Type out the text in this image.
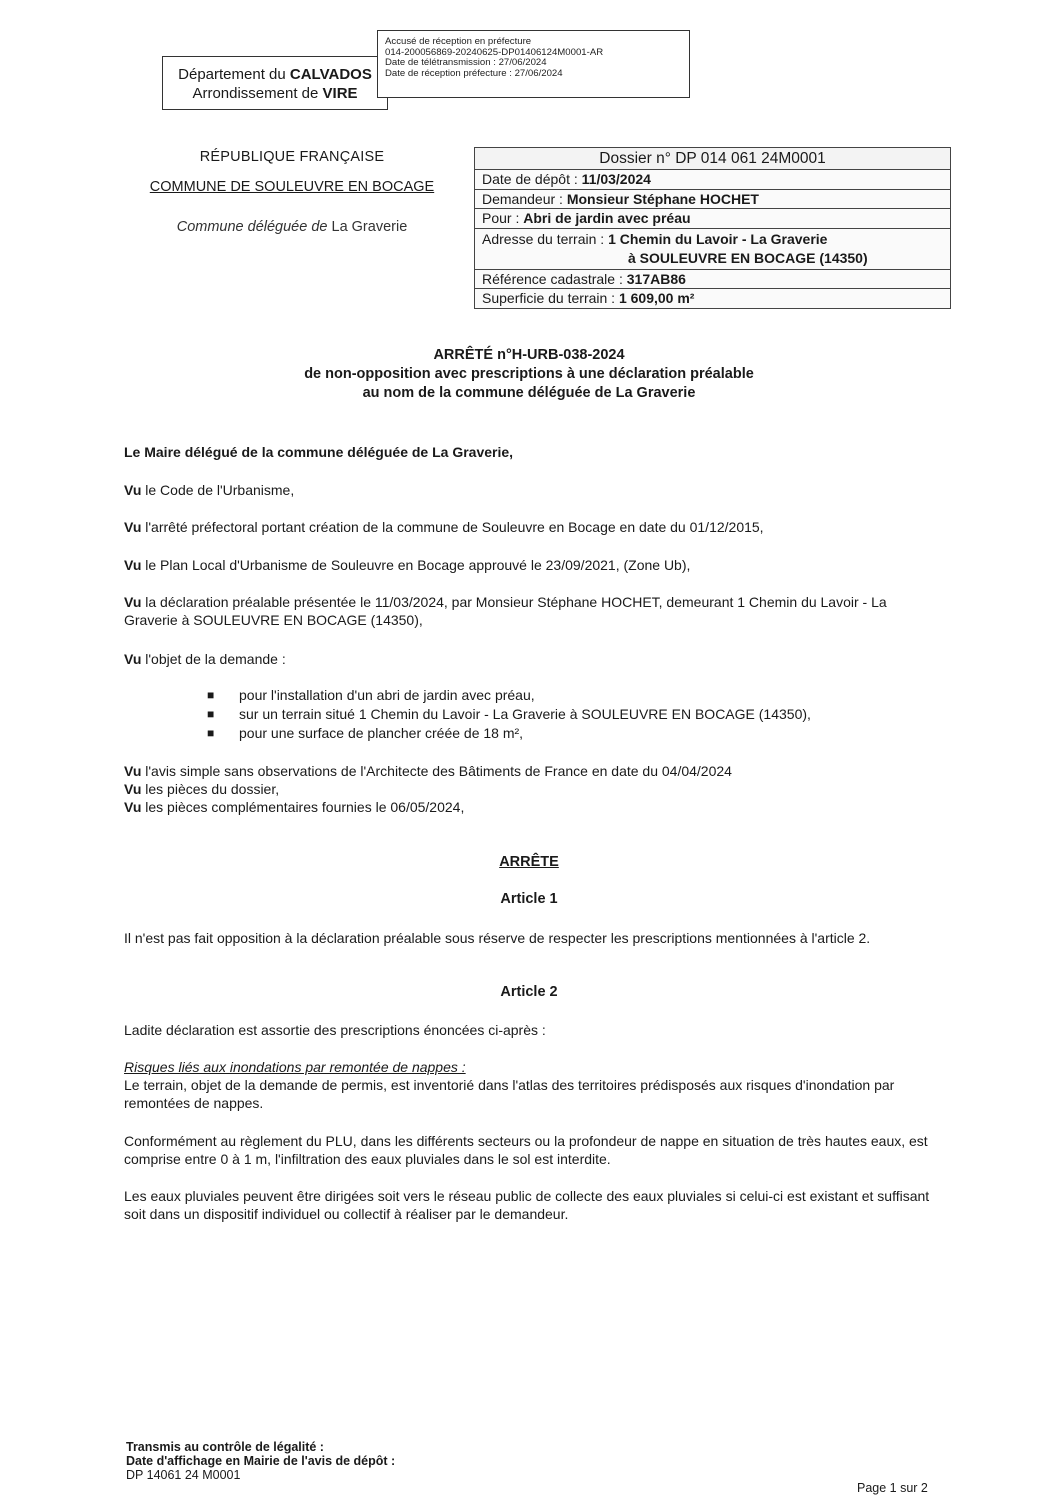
Département du CALVADOS
Arrondissement de VIRE
Accusé de réception en préfecture
014-200056869-20240625-DP01406124M0001-AR
Date de télétransmission : 27/06/2024
Date de réception préfecture : 27/06/2024
RÉPUBLIQUE FRANÇAISE
COMMUNE DE SOULEUVRE EN BOCAGE
Commune déléguée de La Graverie
Dossier n° DP 014 061 24M0001
Date de dépôt : 11/03/2024
Demandeur : Monsieur Stéphane HOCHET
Pour : Abri de jardin avec préau
Adresse du terrain : 1 Chemin du Lavoir - La Graverie
à SOULEUVRE EN BOCAGE (14350)
Référence cadastrale : 317AB86
Superficie du terrain : 1 609,00 m²
ARRÊTÉ n°H-URB-038-2024
de non-opposition avec prescriptions à une déclaration préalable
au nom de la commune déléguée de La Graverie
Le Maire délégué de la commune déléguée de La Graverie,
Vu le Code de l'Urbanisme,
Vu l'arrêté préfectoral portant création de la commune de Souleuvre en Bocage en date du 01/12/2015,
Vu le Plan Local d'Urbanisme de Souleuvre en Bocage approuvé le 23/09/2021, (Zone Ub),
Vu la déclaration préalable présentée le 11/03/2024, par Monsieur Stéphane HOCHET, demeurant 1 Chemin du Lavoir - La Graverie à SOULEUVRE EN BOCAGE (14350),
Vu l'objet de la demande :
■ pour l'installation d'un abri de jardin avec préau,
■ sur un terrain situé 1 Chemin du Lavoir - La Graverie à SOULEUVRE EN BOCAGE (14350),
■ pour une surface de plancher créée de 18 m²,
Vu l'avis simple sans observations de l'Architecte des Bâtiments de France en date du 04/04/2024
Vu les pièces du dossier,
Vu les pièces complémentaires fournies le 06/05/2024,
ARRÊTE
Article 1
Il n'est pas fait opposition à la déclaration préalable sous réserve de respecter les prescriptions mentionnées à l'article 2.
Article 2
Ladite déclaration est assortie des prescriptions énoncées ci-après :
Risques liés aux inondations par remontée de nappes :
Le terrain, objet de la demande de permis, est inventorié dans l'atlas des territoires prédisposés aux risques d'inondation par remontées de nappes.
Conformément au règlement du PLU, dans les différents secteurs ou la profondeur de nappe en situation de très hautes eaux, est comprise entre 0 à 1 m, l'infiltration des eaux pluviales dans le sol est interdite.
Les eaux pluviales peuvent être dirigées soit vers le réseau public de collecte des eaux pluviales si celui-ci est existant et suffisant soit dans un dispositif individuel ou collectif à réaliser par le demandeur.
Transmis au contrôle de légalité :
Date d'affichage en Mairie de l'avis de dépôt :
DP 14061 24 M0001
Page 1 sur 2
